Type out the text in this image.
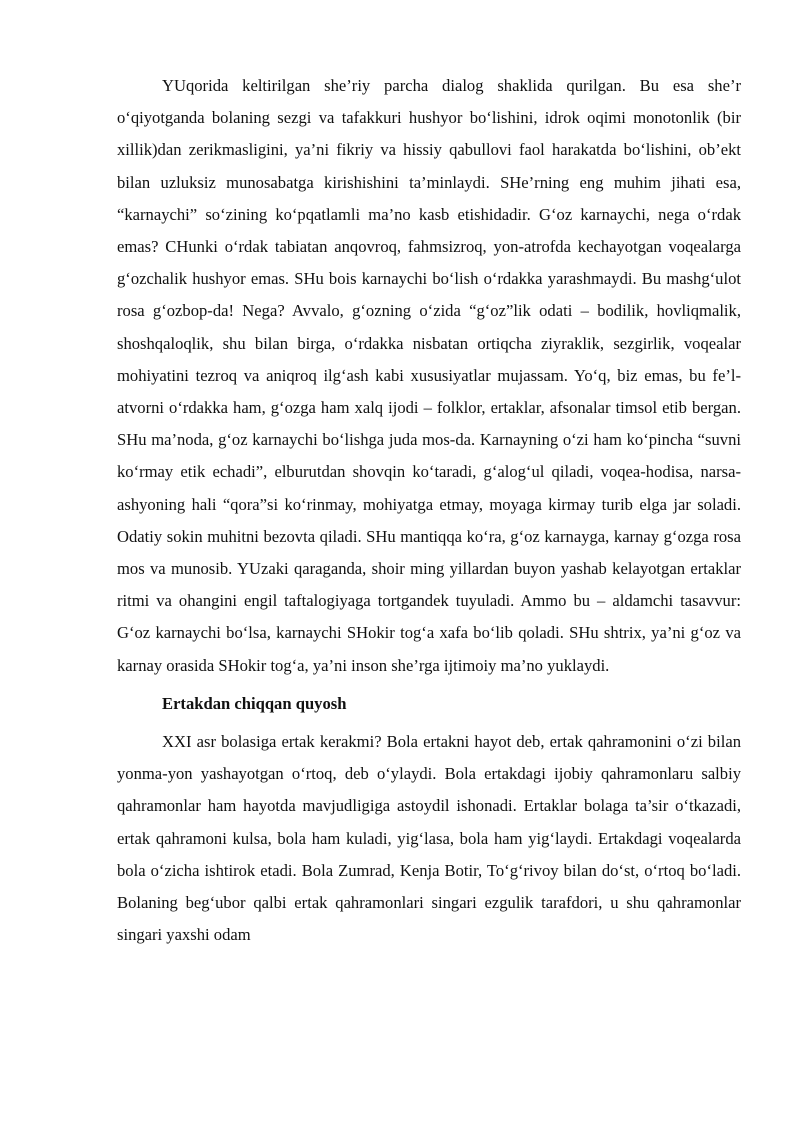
YUqorida keltirilgan she’riy parcha dialog shaklida qurilgan. Bu esa she’r o‘qiyotganda bolaning sezgi va tafakkuri hushyor bo‘lishini, idrok oqimi monotonlik (bir xillik)dan zerikmasligini, ya’ni fikriy va hissiy qabullovi faol harakatda bo‘lishini, ob’ekt bilan uzluksiz munosabatga kirishishini ta’minlaydi. SHe’rning eng muhim jihati esa, “karnaychi” so‘zining ko‘pqatlamli ma’no kasb etishidadir. G‘oz karnaychi, nega o‘rdak emas? CHunki o‘rdak tabiatan anqovroq, fahmsizroq, yon-atrofda kechayotgan voqealarga g‘ozchalik hushyor emas. SHu bois karnaychi bo‘lish o‘rdakka yarashmaydi. Bu mashg‘ulot rosa g‘ozbop-da! Nega? Avvalo, g‘ozning o‘zida “g‘oz”lik odati – bodilik, hovliqmalik, shoshqaloqlik, shu bilan birga, o‘rdakka nisbatan ortiqcha ziyraklik, sezgirlik, voqealar mohiyatini tezroq va aniqroq ilg‘ash kabi xususiyatlar mujassam. Yo‘q, biz emas, bu fe’l-atvorni o‘rdakka ham, g‘ozga ham xalq ijodi – folklor, ertaklar, afsonalar timsol etib bergan. SHu ma’noda, g‘oz karnaychi bo‘lishga juda mos-da. Karnayning o‘zi ham ko‘pincha “suvni ko‘rmay etik echadi”, elburutdan shovqin ko‘taradi, g‘alog‘ul qiladi, voqea-hodisa, narsa-ashyoning hali “qora”si ko‘rinmay, mohiyatga etmay, moyaga kirmay turib elga jar soladi. Odatiy sokin muhitni bezovta qiladi. SHu mantiqqa ko‘ra, g‘oz karnayga, karnay g‘ozga rosa mos va munosib. YUzaki qaraganda, shoir ming yillardan buyon yashab kelayotgan ertaklar ritmi va ohangini engil taftalogiyaga tortgandek tuyuladi. Ammo bu – aldamchi tasavvur: G‘oz karnaychi bo‘lsa, karnaychi SHokir tog‘a xafa bo‘lib qoladi. SHu shtrix, ya’ni g‘oz va karnay orasida SHokir tog‘a, ya’ni inson she’rga ijtimoiy ma’no yuklaydi.

Ertakdan chiqqan quyosh

XXI asr bolasiga ertak kerakmi? Bola ertakni hayot deb, ertak qahramonini o‘zi bilan yonma-yon yashayotgan o‘rtoq, deb o‘ylaydi. Bola ertakdagi ijobiy qahramonlaru salbiy qahramonlar ham hayotda mavjudligiga astoydil ishonadi. Ertaklar bolaga ta’sir o‘tkazadi, ertak qahramoni kulsa, bola ham kuladi, yig‘lasa, bola ham yig‘laydi. Ertakdagi voqealarda bola o‘zicha ishtirok etadi. Bola Zumrad, Kenja Botir, To‘g‘rivoy bilan do‘st, o‘rtoq bo‘ladi. Bolaning beg‘ubor qalbi ertak qahramonlari singari ezgulik tarafdori, u shu qahramonlar singari yaxshi odam
